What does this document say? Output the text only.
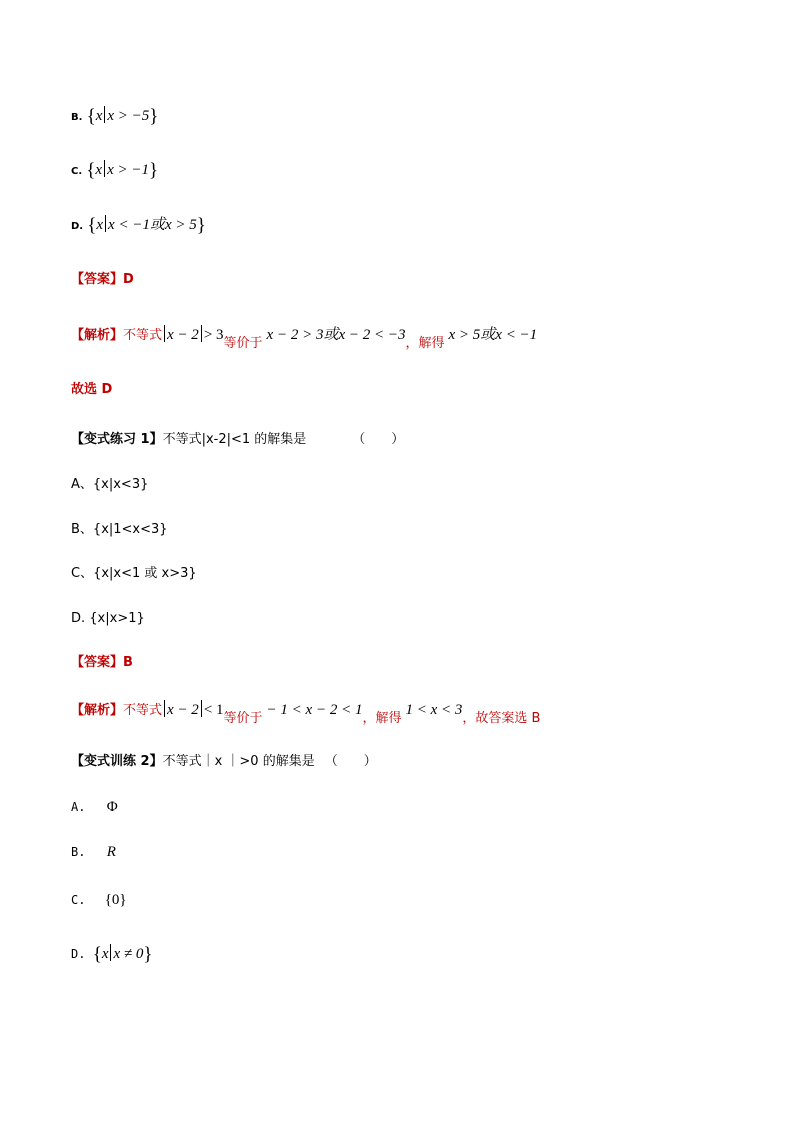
B. {x x > −5}
C. {x x > −1}
D. {x x < −1或x > 5}
【答案】D
【解析】不等式 x − 2 > 3等价于x − 2 > 3或x − 2 < −3，解得x > 5或x < −1
故选 D
【变式练习 1】不等式|x-2|<1 的解集是	（　　）
A、{x|x<3}
B、{x|1<x<3}
C、{x|x<1 或 x>3}
D. {x|x>1}
【答案】B
【解析】不等式 x − 2 < 1等价于− 1 < x − 2 < 1，解得1 < x < 3，故答案选 B
【变式训练 2】不等式｜x ｜>0 的解集是 （　　）
A. Φ
B. R
C. {0}
D. {x x ≠ 0}
